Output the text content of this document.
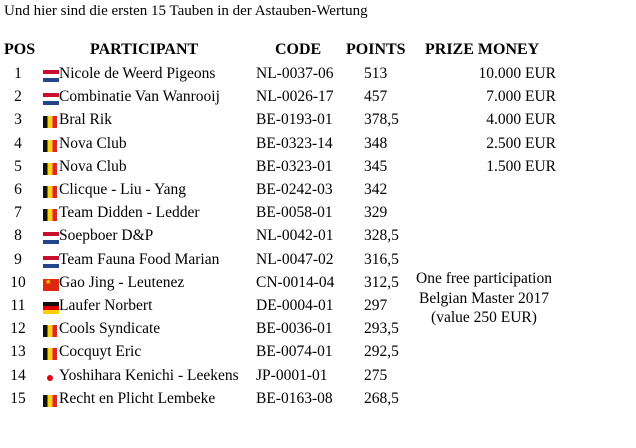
Und hier sind die ersten 15 Tauben in der Astauben-Wertung
POS	PARTICIPANT	CODE POINTS PRIZE MONEY
1	Nicole de Weerd Pigeons	NL-0037-06 513	10.000 EUR
2	Combinatie Van Wanrooij NL-0026-17 457	7.000 EUR
3	Bral Rik	BE-0193-01 378,5	4.000 EUR
4	Nova Club	BE-0323-14 348	2.500 EUR
5	Nova Club	BE-0323-01 345	1.500 EUR
6	Clicque - Liu - Yang	BE-0242-03 342
7	Team Didden - Ledder	BE-0058-01 329
8	Soepboer D&P	NL-0042-01 328,5
9	Team Fauna Food Marian NL-0047-02 316,5
10
★ Gao Jing - Leutenez	CN-0014-04 312,5
11 Laufer Norbert	DE-0004-01 297
12 Cools Syndicate	BE-0036-01 293,5
13 Cocquyt Eric	BE-0074-01 292,5
14 Yoshihara Kenichi - Leekens JP-0001-01 275
15 Recht en Plicht Lembeke	BE-0163-08 268,5
One free participation
Belgian Master 2017
(value 250 EUR)
